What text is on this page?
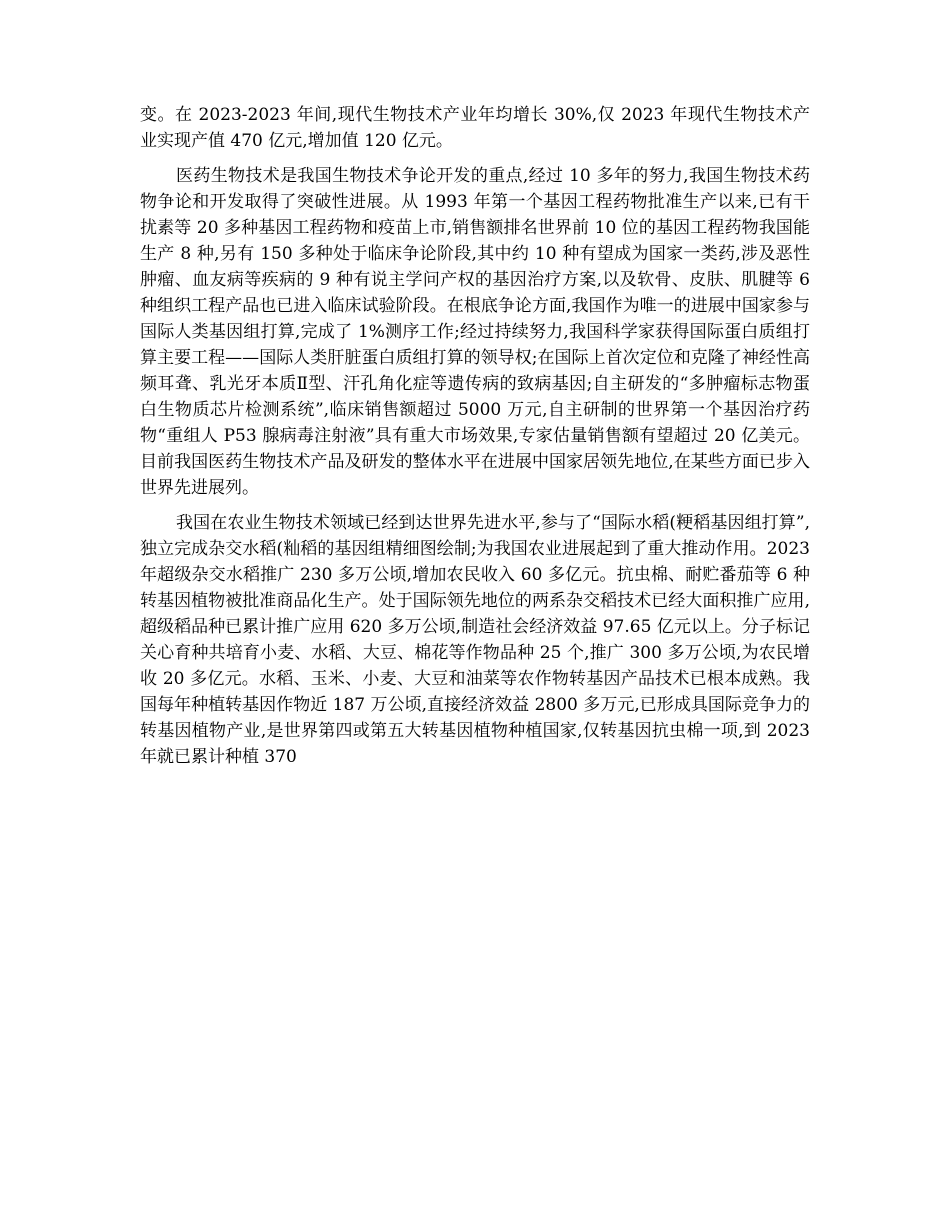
变。在 2023-2023 年间,现代生物技术产业年均增长 30%,仅 2023 年现代生物技术产业实现产值 470 亿元,增加值 120 亿元。

医药生物技术是我国生物技术争论开发的重点,经过 10 多年的努力,我国生物技术药物争论和开发取得了突破性进展。从 1993 年第一个基因工程药物批准生产以来,已有干扰素等 20 多种基因工程药物和疫苗上市,销售额排名世界前 10 位的基因工程药物我国能生产 8 种,另有 150 多种处于临床争论阶段,其中约 10 种有望成为国家一类药,涉及恶性肿瘤、血友病等疾病的 9 种有说主学问产权的基因治疗方案,以及软骨、皮肤、肌腱等 6 种组织工程产品也已进入临床试验阶段。在根底争论方面,我国作为唯一的进展中国家参与国际人类基因组打算,完成了 1%测序工作;经过持续努力,我国科学家获得国际蛋白质组打算主要工程——国际人类肝脏蛋白质组打算的领导权;在国际上首次定位和克隆了神经性高频耳聋、乳光牙本质Ⅱ型、汗孔角化症等遗传病的致病基因;自主研发的“多肿瘤标志物蛋白生物质芯片检测系统”,临床销售额超过 5000 万元,自主研制的世界第一个基因治疗药物“重组人 P53 腺病毒注射液”具有重大市场效果,专家估量销售额有望超过 20 亿美元。目前我国医药生物技术产品及研发的整体水平在进展中国家居领先地位,在某些方面已步入世界先进展列。

我国在农业生物技术领域已经到达世界先进水平,参与了“国际水稻(粳稻基因组打算”,独立完成杂交水稻(籼稻的基因组精细图绘制;为我国农业进展起到了重大推动作用。2023 年超级杂交水稻推广 230 多万公顷,增加农民收入 60 多亿元。抗虫棉、耐贮番茄等 6 种转基因植物被批准商品化生产。处于国际领先地位的两系杂交稻技术已经大面积推广应用,超级稻品种已累计推广应用 620 多万公顷,制造社会经济效益 97.65 亿元以上。分子标记关心育种共培育小麦、水稻、大豆、棉花等作物品种 25 个,推广 300 多万公顷,为农民增收 20 多亿元。水稻、玉米、小麦、大豆和油菜等农作物转基因产品技术已根本成熟。我国每年种植转基因作物近 187 万公顷,直接经济效益 2800 多万元,已形成具国际竞争力的转基因植物产业,是世界第四或第五大转基因植物种植国家,仅转基因抗虫棉一项,到 2023 年就已累计种植 370
